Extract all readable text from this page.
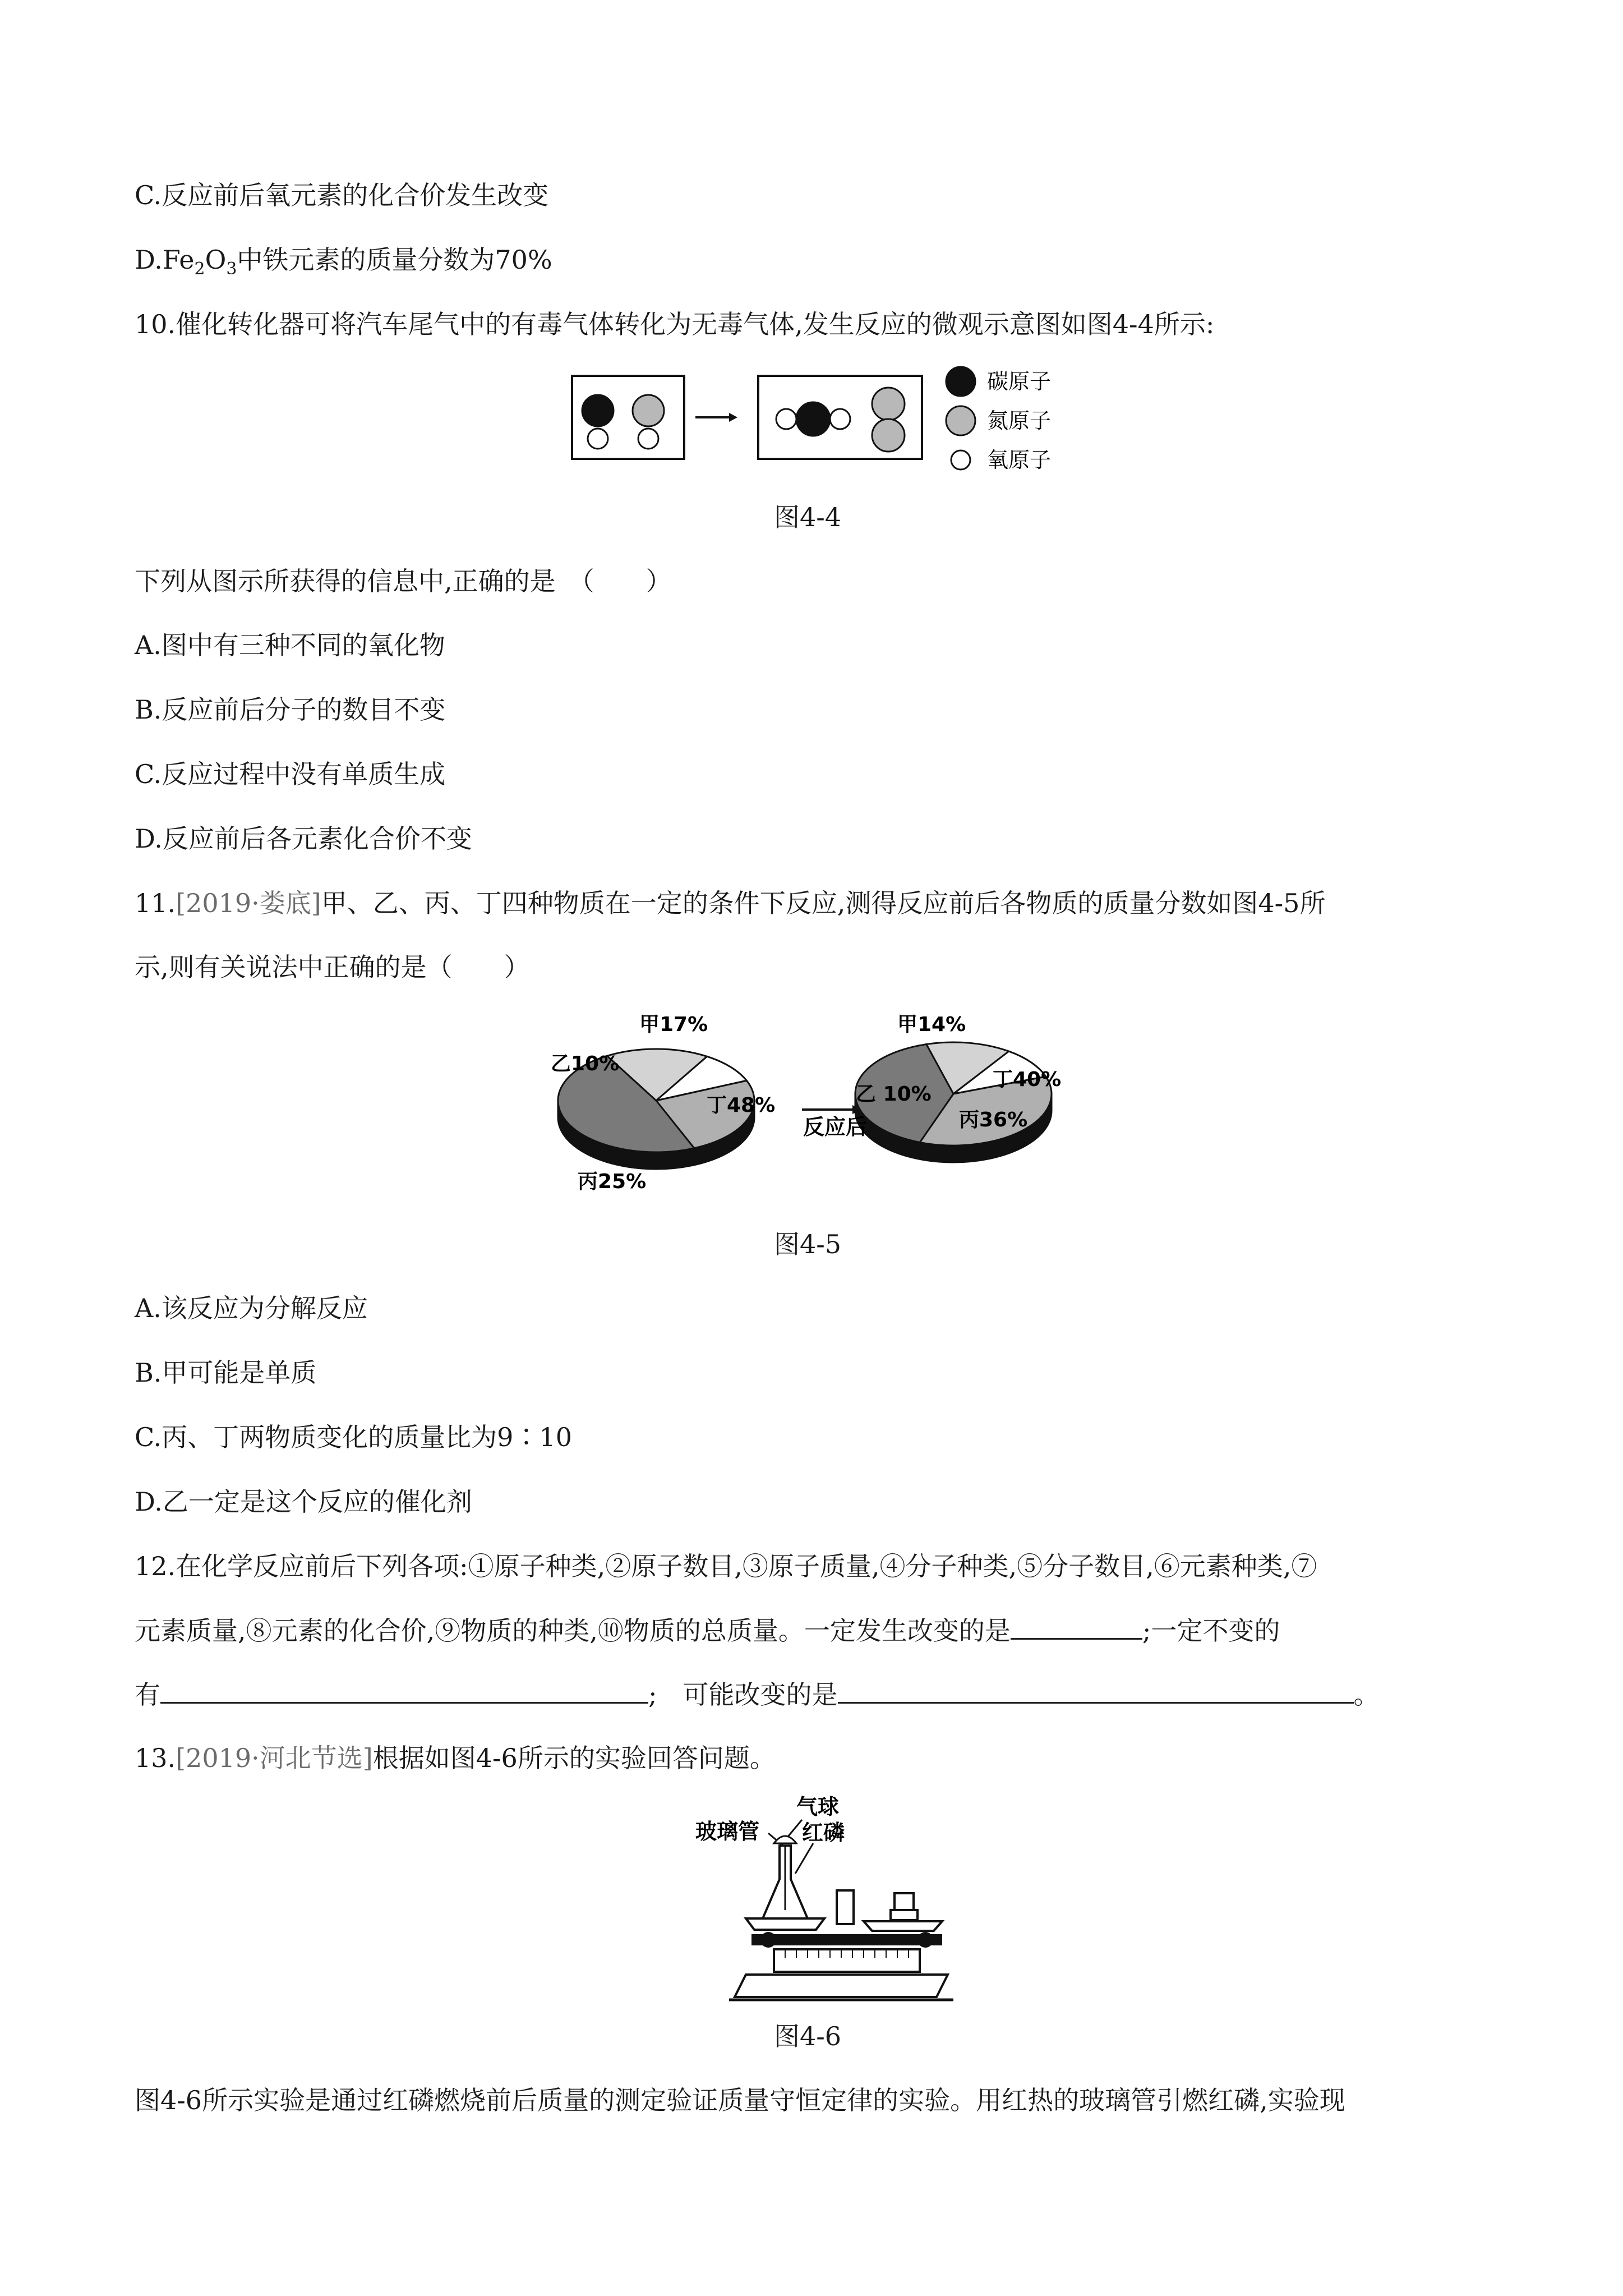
C.反应前后氧元素的化合价发生改变
$D.Fe_2O_3$中铁元素的质量分数为70%
10.催化转化器可将汽车尾气中的有毒气体转化为无毒气体,发生反应的微观示意图如图4-4所示:
碳原子
氮原子
氧原子
图4-4
下列从图示所获得的信息中,正确的是　（　　）
A.图中有三种不同的氧化物
B.反应前后分子的数目不变
C.反应过程中没有单质生成
D.反应前后各元素化合价不变
11.[2019·娄底]甲、乙、丙、丁四种物质在一定的条件下反应,测得反应前后各物质的质量分数如图4-5所
示,则有关说法中正确的是（　　）
反应后
甲17%
乙10%
丙25%
丁48%
甲14%
乙 10%
丙36%
丁40%
图4-5
A.该反应为分解反应
B.甲可能是单质
C.丙、丁两物质变化的质量比为9∶10
D.乙一定是这个反应的催化剂
12.在化学反应前后下列各项:①原子种类,②原子数目,③原子质量,④分子种类,⑤分子数目,⑥元素种类,⑦
元素质量,⑧元素的化合价,⑨物质的种类,⑩物质的总质量。一定发生改变的是	;一定不变的
有	;　可能改变的是	。
13.[2019·河北节选]根据如图4-6所示的实验回答问题。
气球
玻璃管 红磷
图4-6
图4-6所示实验是通过红磷燃烧前后质量的测定验证质量守恒定律的实验。用红热的玻璃管引燃红磷,实验现
